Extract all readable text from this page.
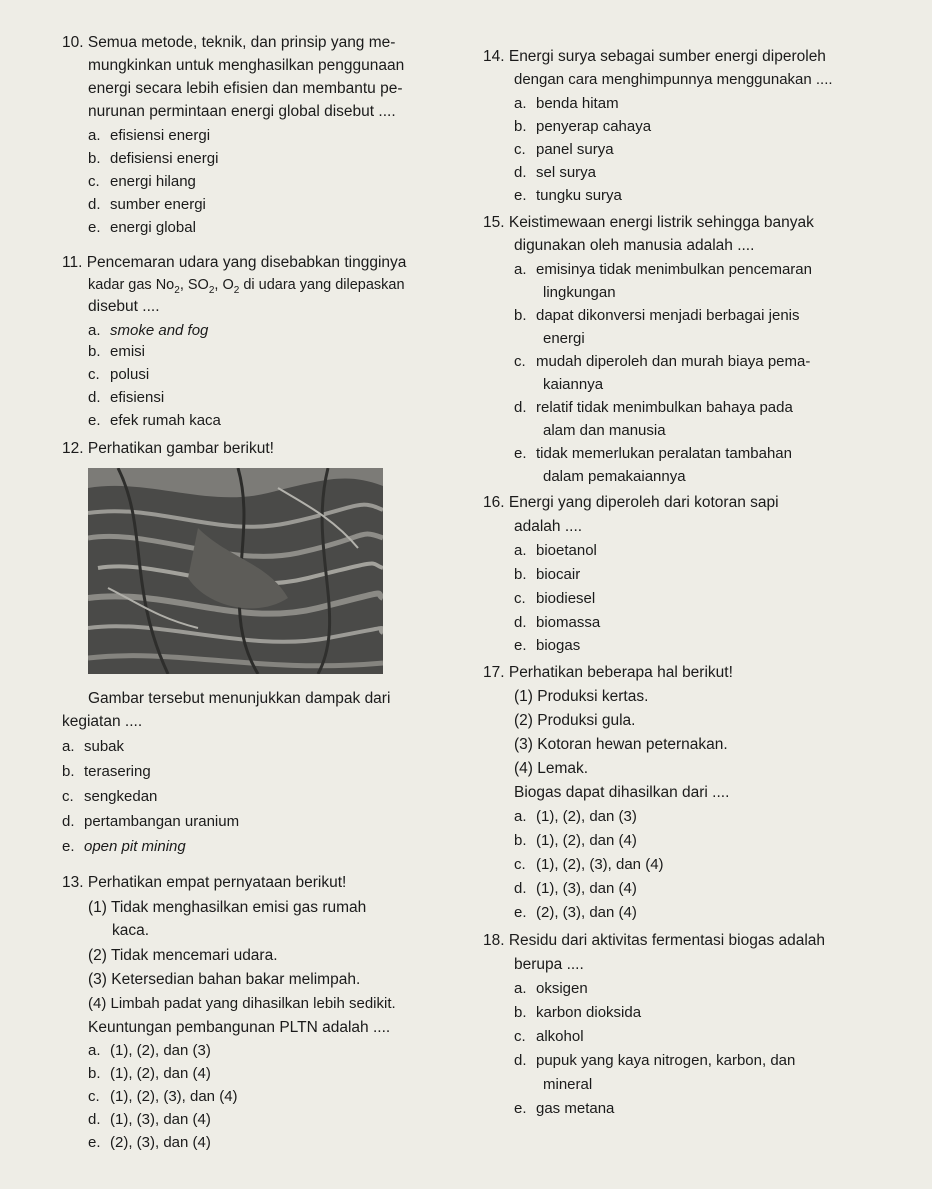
10. Semua metode, teknik, dan prinsip yang me-
mungkinkan untuk menghasilkan penggunaan
energi secara lebih efisien dan membantu pe-
nurunan permintaan energi global disebut ....
a. efisiensi energi
b. defisiensi energi
c. energi hilang
d. sumber energi
e. energi global
11. Pencemaran udara yang disebabkan tingginya
kadar gas $No_2$, $SO_2$, $O_2$ di udara yang dilepaskan
disebut ....
a. smoke and fog
b. emisi
c. polusi
d. efisiensi
e. efek rumah kaca
12. Perhatikan gambar berikut!
Gambar tersebut menunjukkan dampak dari
kegiatan ....
a. subak
b. terasering
c. sengkedan
d. pertambangan uranium
e. open pit mining
13. Perhatikan empat pernyataan berikut!
(1) Tidak menghasilkan emisi gas rumah
kaca.
(2) Tidak mencemari udara.
(3) Ketersedian bahan bakar melimpah.
(4) Limbah padat yang dihasilkan lebih sedikit.
Keuntungan pembangunan PLTN adalah ....
a. (1), (2), dan (3)
b. (1), (2), dan (4)
c. (1), (2), (3), dan (4)
d. (1), (3), dan (4)
e. (2), (3), dan (4)
14. Energi surya sebagai sumber energi diperoleh
dengan cara menghimpunnya menggunakan ....
a. benda hitam
b. penyerap cahaya
c. panel surya
d. sel surya
e. tungku surya
15. Keistimewaan energi listrik sehingga banyak
digunakan oleh manusia adalah ....
a. emisinya tidak menimbulkan pencemaran
lingkungan
b. dapat dikonversi menjadi berbagai jenis
energi
c. mudah diperoleh dan murah biaya pema-
kaiannya
d. relatif tidak menimbulkan bahaya pada
alam dan manusia
e. tidak memerlukan peralatan tambahan
dalam pemakaiannya
16. Energi yang diperoleh dari kotoran sapi
adalah ....
a. bioetanol
b. biocair
c. biodiesel
d. biomassa
e. biogas
17. Perhatikan beberapa hal berikut!
(1) Produksi kertas.
(2) Produksi gula.
(3) Kotoran hewan peternakan.
(4) Lemak.
Biogas dapat dihasilkan dari ....
a. (1), (2), dan (3)
b. (1), (2), dan (4)
c. (1), (2), (3), dan (4)
d. (1), (3), dan (4)
e. (2), (3), dan (4)
18. Residu dari aktivitas fermentasi biogas adalah
berupa ....
a. oksigen
b. karbon dioksida
c. alkohol
d. pupuk yang kaya nitrogen, karbon, dan
mineral
e. gas metana
